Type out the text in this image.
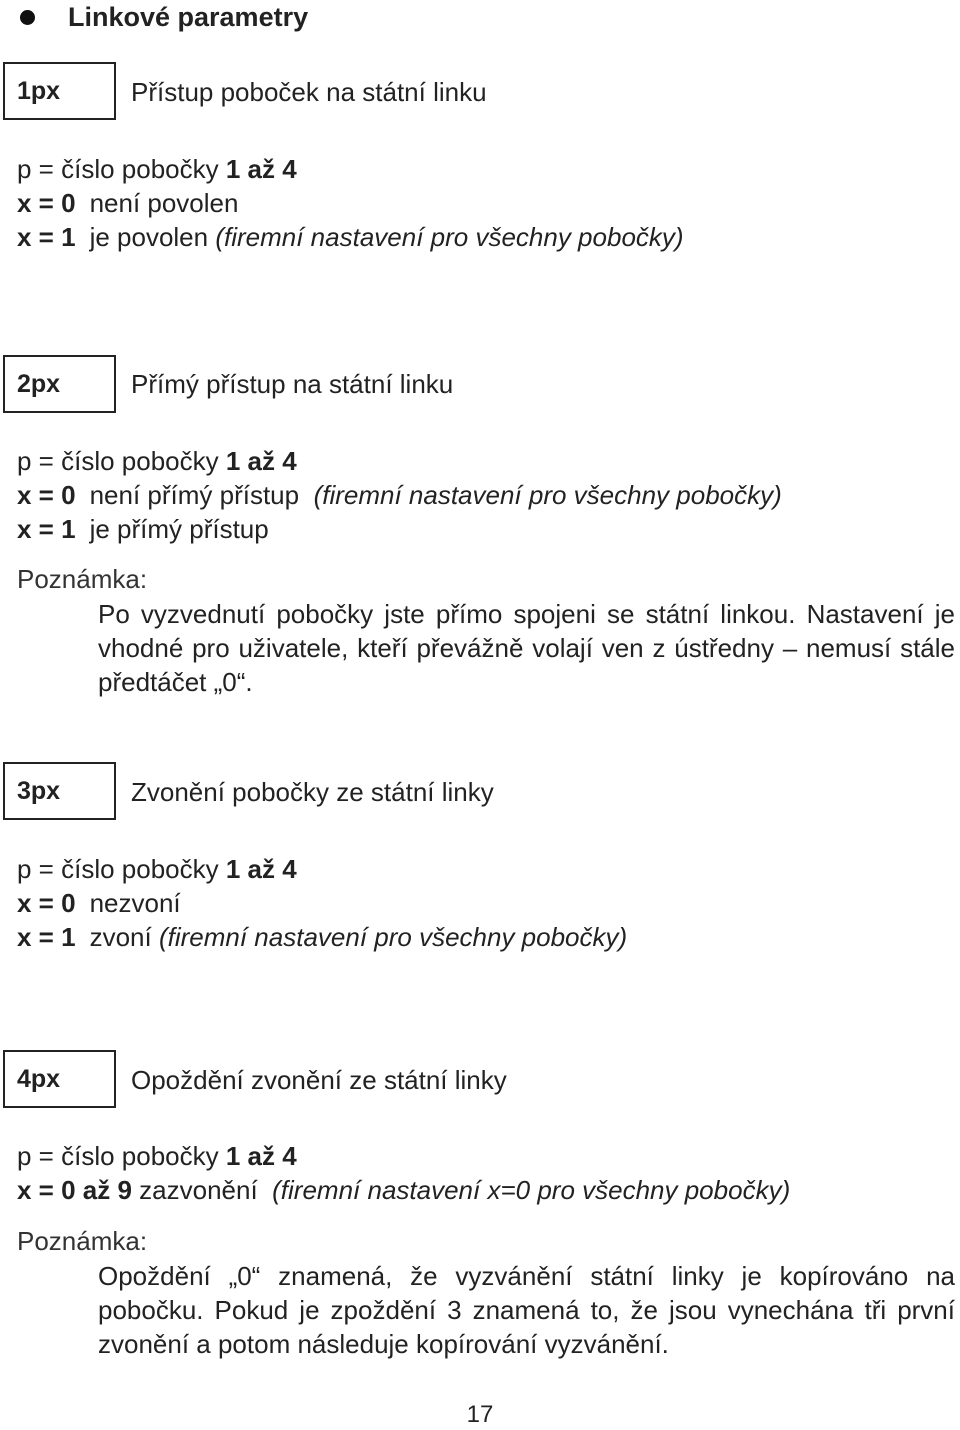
Linkové parametry
1px	Přístup poboček na státní linku
p = číslo pobočky 1 až 4
x = 0 není povolen
x = 1 je povolen (firemní nastavení pro všechny pobočky)
2px	Přímý přístup na státní linku
p = číslo pobočky 1 až 4
x = 0 není přímý přístup (firemní nastavení pro všechny pobočky)
x = 1 je přímý přístup
Poznámka:
Po vyzvednutí pobočky jste přímo spojeni se státní linkou. Nastavení je vhodné pro uživatele, kteří převážně volají ven z ústředny – nemusí stále předtáčet „0“.
3px	Zvonění pobočky ze státní linky
p = číslo pobočky 1 až 4
x = 0 nezvoní
x = 1 zvoní (firemní nastavení pro všechny pobočky)
4px	Opoždění zvonění ze státní linky
p = číslo pobočky 1 až 4
x = 0 až 9 zazvonění (firemní nastavení x=0 pro všechny pobočky)
Poznámka:
Opoždění „0“ znamená, že vyzvánění státní linky je kopírováno na pobočku. Pokud je zpoždění 3 znamená to, že jsou vynechána tři první zvonění a potom následuje kopírování vyzvánění.
17
